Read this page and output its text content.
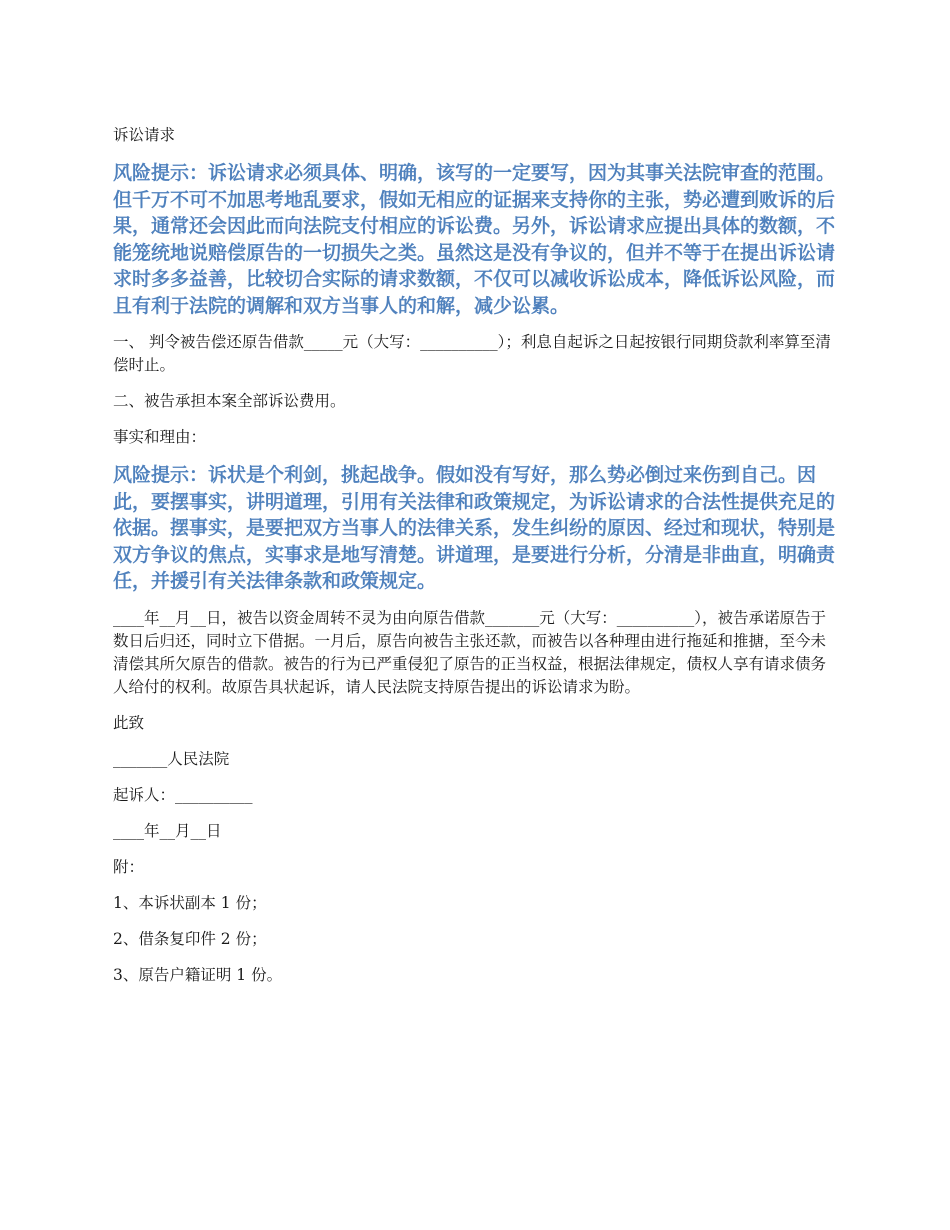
诉讼请求

风险提示：诉讼请求必须具体、明确，该写的一定要写，因为其事关法院审查的范围。但千万不可不加思考地乱要求，假如无相应的证据来支持你的主张，势必遭到败诉的后果，通常还会因此而向法院支付相应的诉讼费。另外，诉讼请求应提出具体的数额，不能笼统地说赔偿原告的一切损失之类。虽然这是没有争议的，但并不等于在提出诉讼请求时多多益善，比较切合实际的请求数额，不仅可以减收诉讼成本，降低诉讼风险，而且有利于法院的调解和双方当事人的和解，减少讼累。

一、 判令被告偿还原告借款_____元（大写：__________）；利息自起诉之日起按银行同期贷款利率算至清偿时止。

二、被告承担本案全部诉讼费用。

事实和理由：

风险提示：诉状是个利剑，挑起战争。假如没有写好，那么势必倒过来伤到自己。因此，要摆事实，讲明道理，引用有关法律和政策规定，为诉讼请求的合法性提供充足的依据。摆事实，是要把双方当事人的法律关系，发生纠纷的原因、经过和现状，特别是双方争议的焦点，实事求是地写清楚。讲道理，是要进行分析，分清是非曲直，明确责任，并援引有关法律条款和政策规定。

____年__月__日，被告以资金周转不灵为由向原告借款_______元（大写：__________），被告承诺原告于数日后归还，同时立下借据。一月后，原告向被告主张还款，而被告以各种理由进行拖延和推搪，至今未清偿其所欠原告的借款。被告的行为已严重侵犯了原告的正当权益，根据法律规定，债权人享有请求债务人给付的权利。故原告具状起诉，请人民法院支持原告提出的诉讼请求为盼。

此致

_______人民法院

起诉人：__________

____年__月__日

附：

1、本诉状副本 1 份；

2、借条复印件 2 份；

3、原告户籍证明 1 份。
